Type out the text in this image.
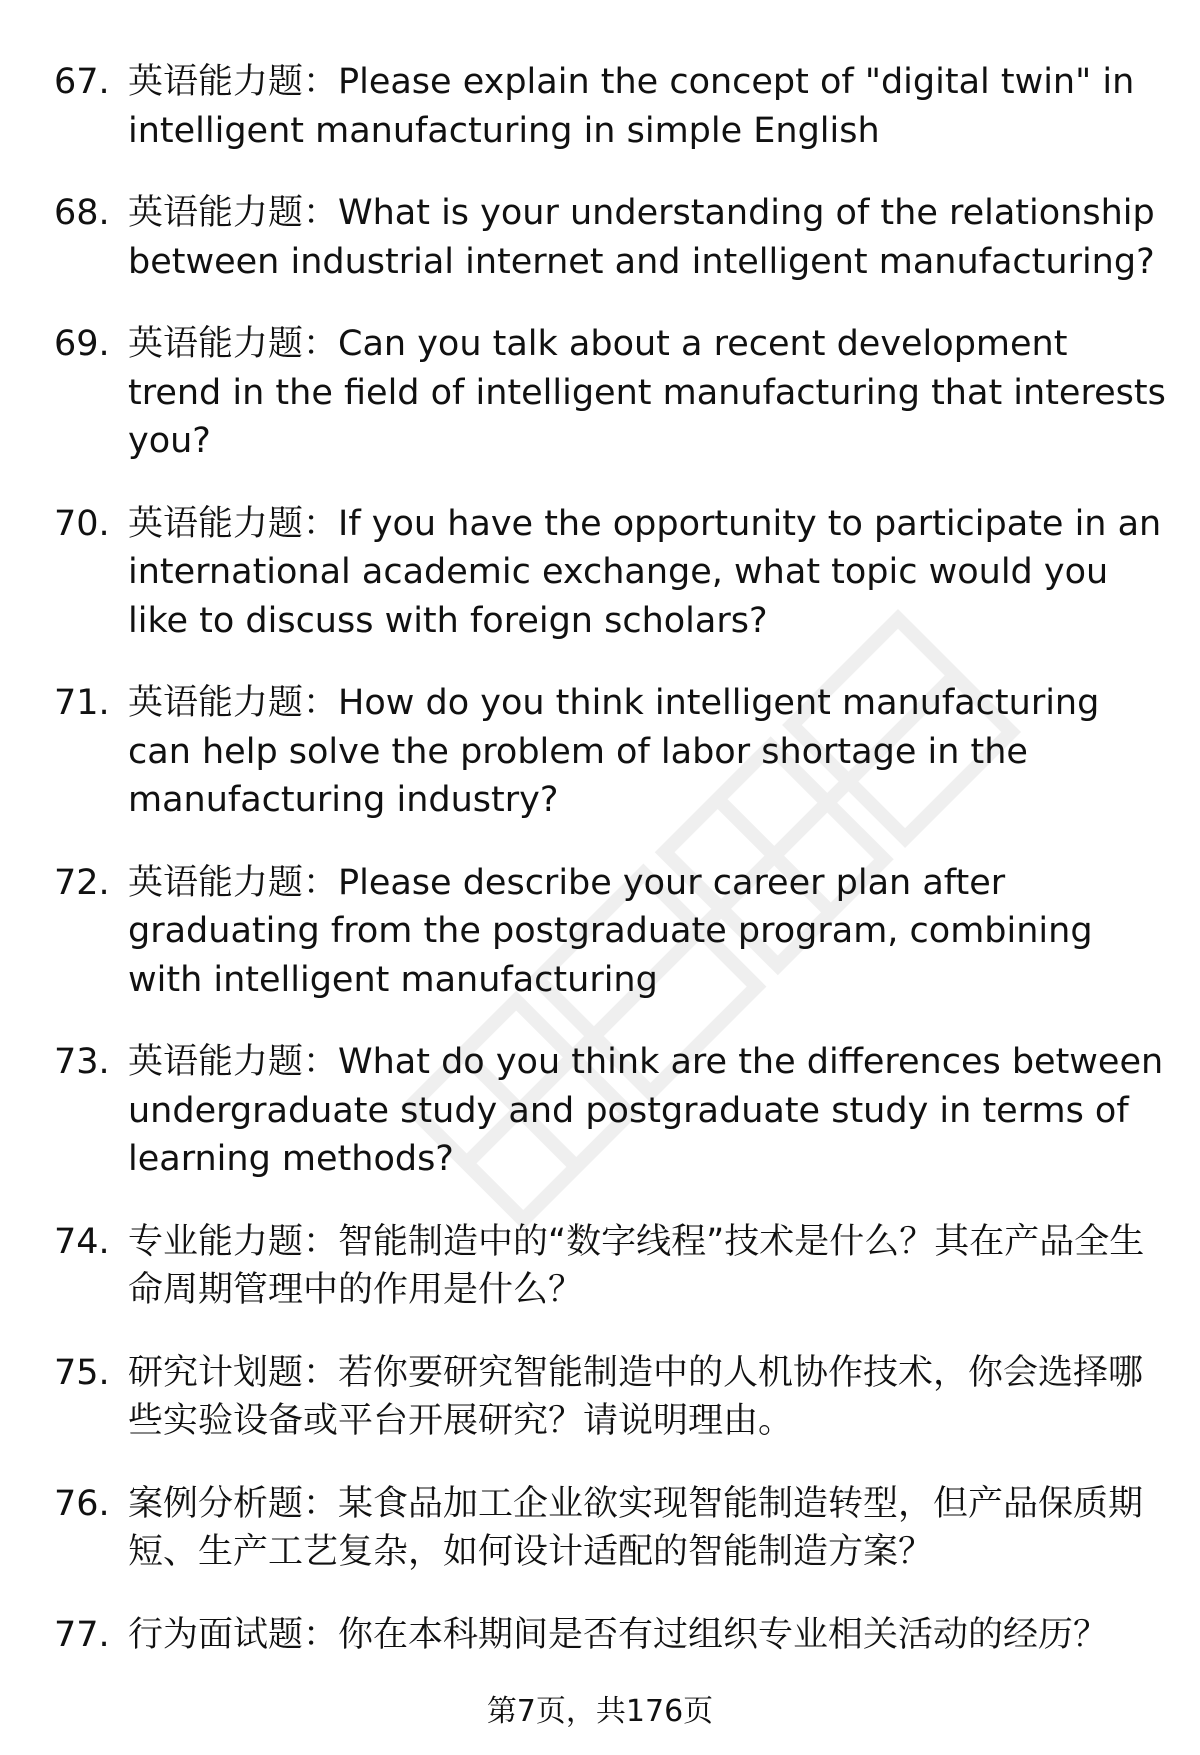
67. 英语能力题：Please explain the concept of "digital twin" in intelligent manufacturing in simple English
68. 英语能力题：What is your understanding of the relationship between industrial internet and intelligent manufacturing?
69. 英语能力题：Can you talk about a recent development trend in the field of intelligent manufacturing that interests you?
70. 英语能力题：If you have the opportunity to participate in an international academic exchange, what topic would you like to discuss with foreign scholars?
71. 英语能力题：How do you think intelligent manufacturing can help solve the problem of labor shortage in the manufacturing industry?
72. 英语能力题：Please describe your career plan after graduating from the postgraduate program, combining with intelligent manufacturing
73. 英语能力题：What do you think are the differences between undergraduate study and postgraduate study in terms of learning methods?
74. 专业能力题：智能制造中的“数字线程”技术是什么？其在产品全生命周期管理中的作用是什么？
75. 研究计划题：若你要研究智能制造中的人机协作技术，你会选择哪些实验设备或平台开展研究？请说明理由。
76. 案例分析题：某食品加工企业欲实现智能制造转型，但产品保质期短、生产工艺复杂，如何设计适配的智能制造方案？
77. 行为面试题：你在本科期间是否有过组织专业相关活动的经历？
第7页，共176页
